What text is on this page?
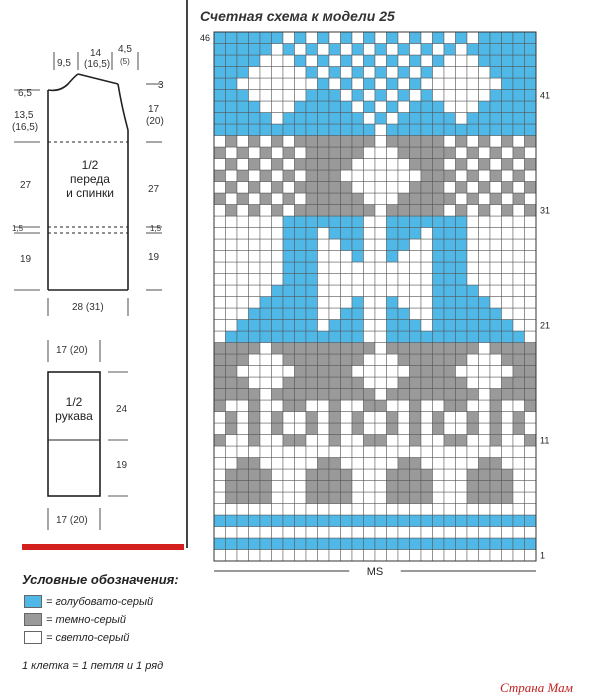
9,5
14
(16,5)
4,5
(5)
6,5
13,5
(16,5)
27
1,5
19
3
17
(20)
27
1,5
19
28 (31)
1/2
переда
и спинки
17 (20)
1/2
рукава	24
19
17 (20)
Условные обозначения:
= голубовато-серый
= темно-серый
= светло-серый
1 клетка = 1 петля и 1 ряд
Счетная схема к модели 25
46
41
31
21
11
1
MS
Страна Мам
